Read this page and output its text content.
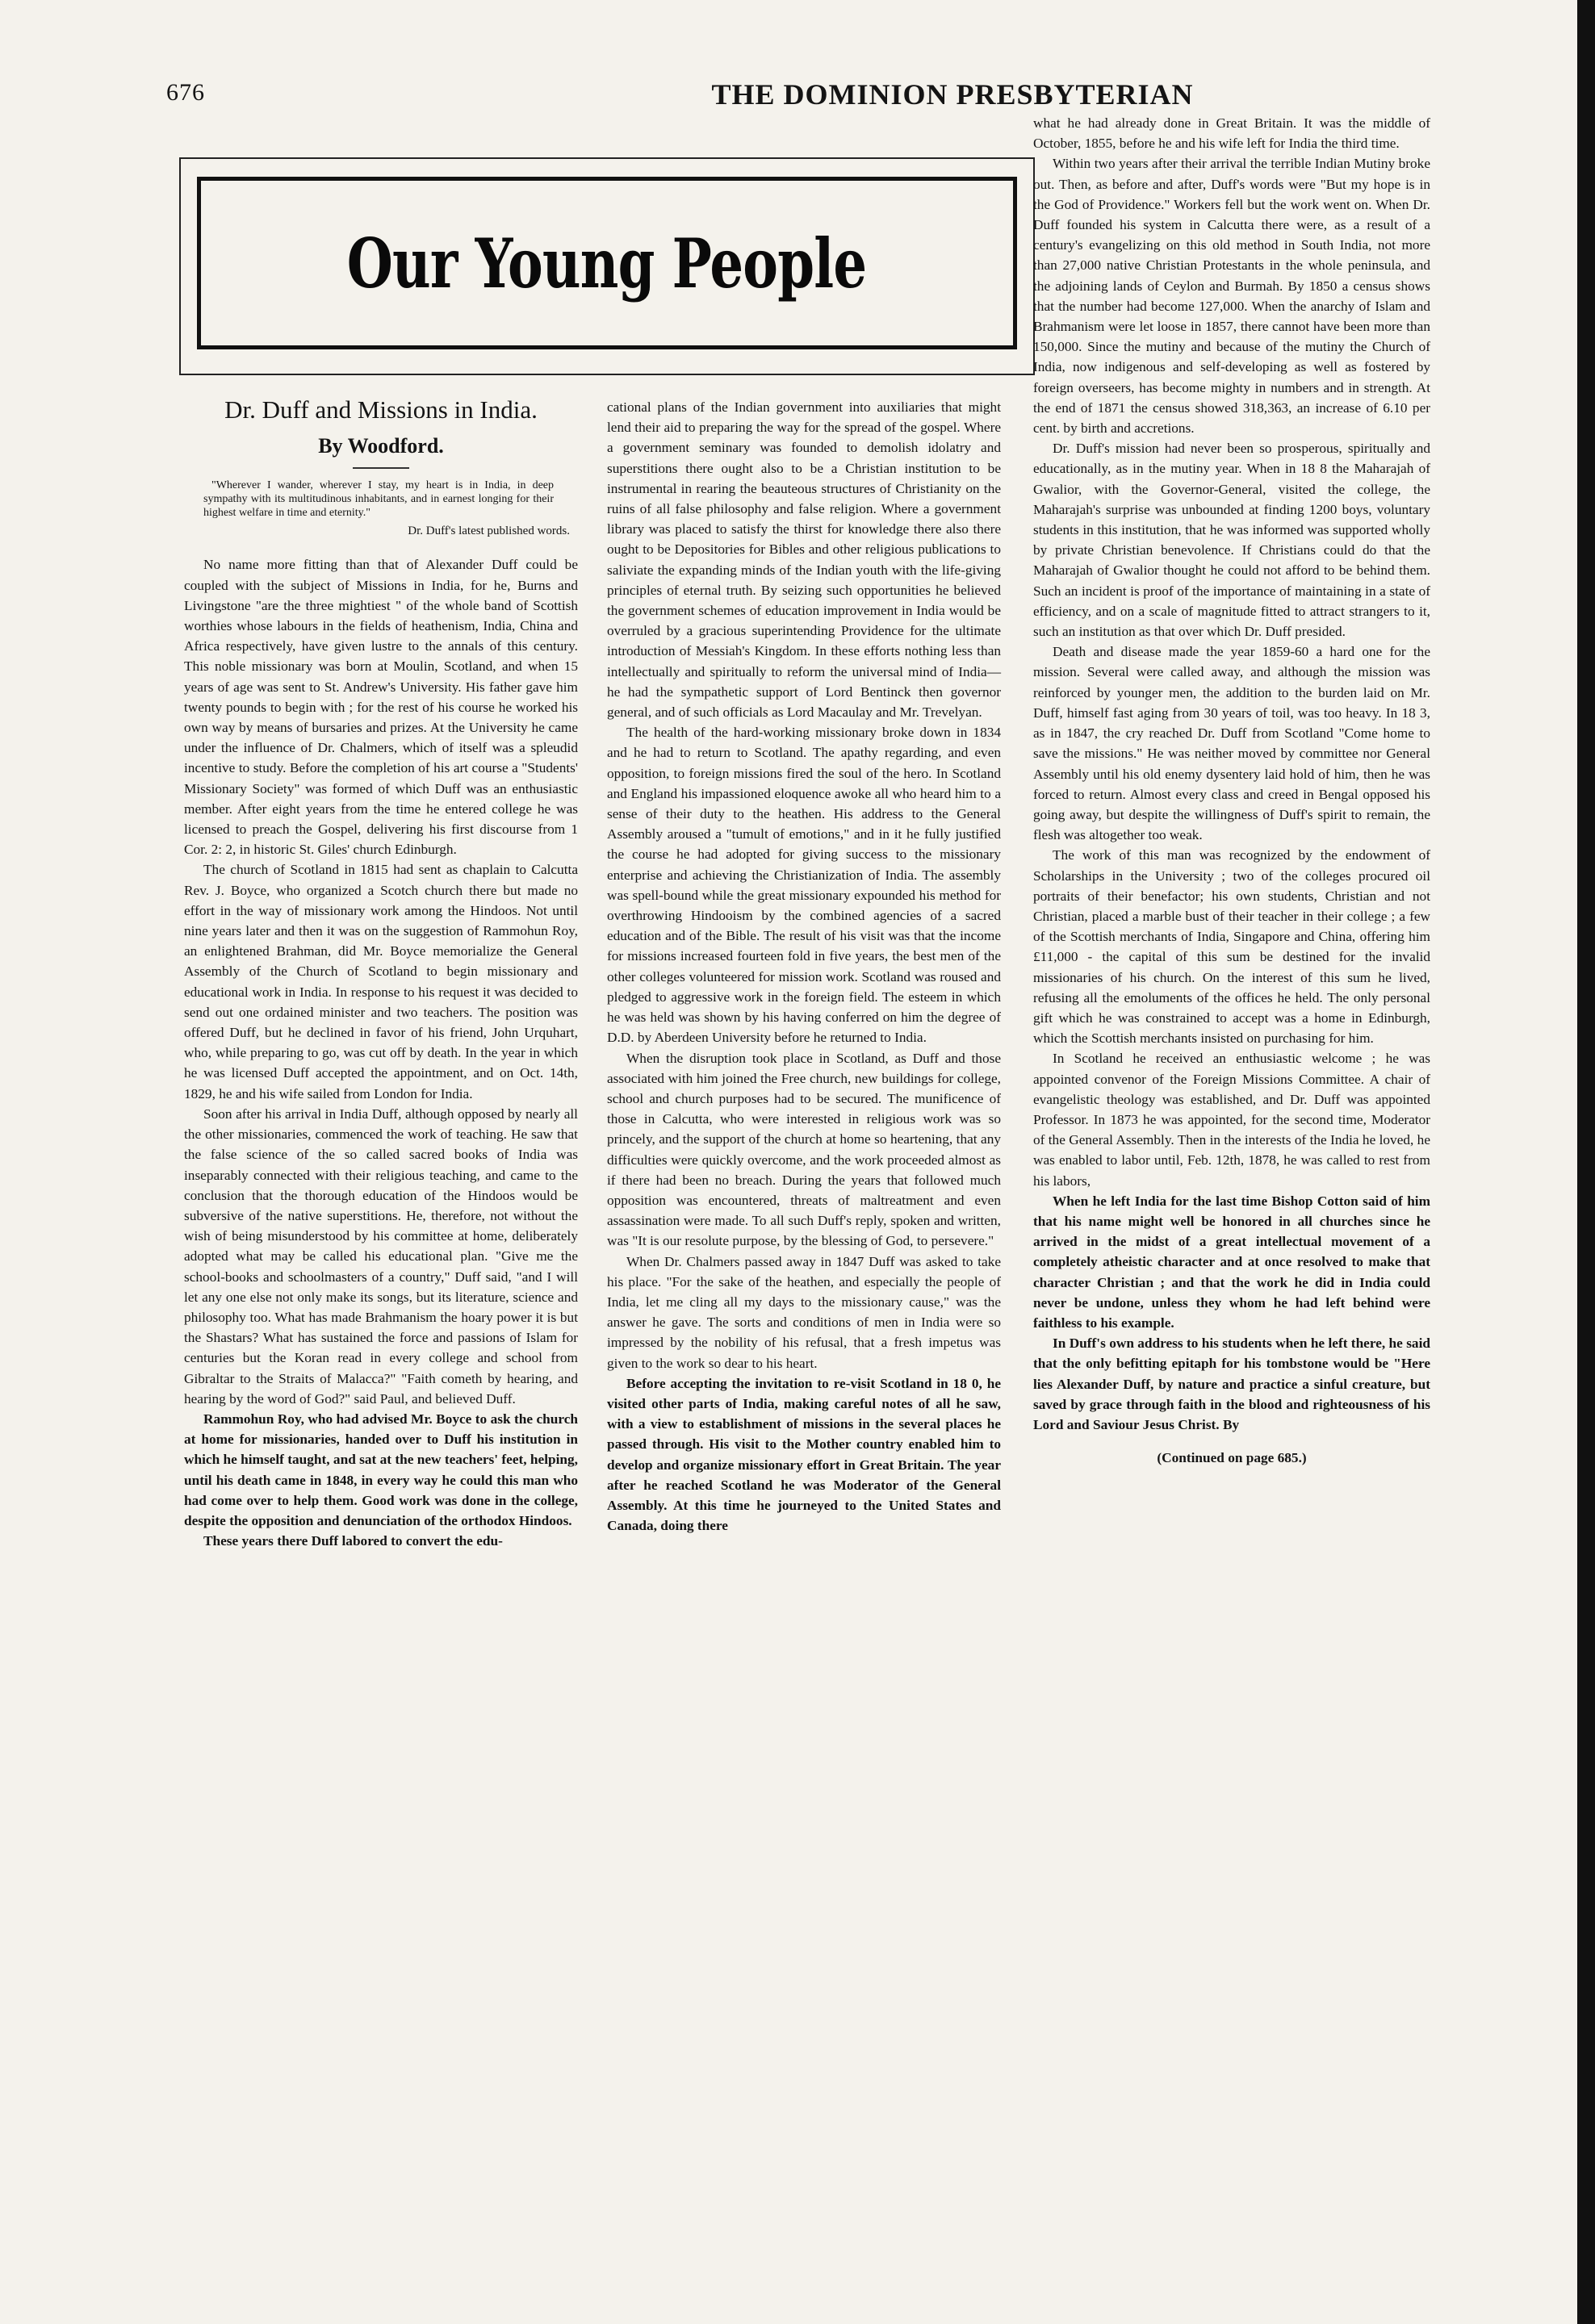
676	THE DOMINION PRESBYTERIAN
Our Young People
Dr. Duff and Missions in India.
By Woodford.

"Wherever I wander, wherever I stay, my heart is in India, in deep sympathy with its multitudinous inhabitants, and in earnest longing for their highest welfare in time and eternity."

Dr. Duff's latest published words.

No name more fitting than that of Alexander Duff could be coupled with the subject of Missions in India, for he, Burns and Livingstone "are the three mightiest " of the whole band of Scottish worthies whose labours in the fields of heathenism, India, China and Africa respectively, have given lustre to the annals of this century. This noble missionary was born at Moulin, Scotland, and when 15 years of age was sent to St. Andrew's University. His father gave him twenty pounds to begin with ; for the rest of his course he worked his own way by means of bursaries and prizes. At the University he came under the influence of Dr. Chalmers, which of itself was a spleudid incentive to study. Before the completion of his art course a "Students' Missionary Society" was formed of which Duff was an enthusiastic member. After eight years from the time he entered college he was licensed to preach the Gospel, delivering his first discourse from 1 Cor. 2: 2, in historic St. Giles' church Edinburgh.

The church of Scotland in 1815 had sent as chaplain to Calcutta Rev. J. Boyce, who organized a Scotch church there but made no effort in the way of missionary work among the Hindoos. Not until nine years later and then it was on the suggestion of Rammohun Roy, an enlightened Brahman, did Mr. Boyce memorialize the General Assembly of the Church of Scotland to begin missionary and educational work in India. In response to his request it was decided to send out one ordained minister and two teachers. The position was offered Duff, but he declined in favor of his friend, John Urquhart, who, while preparing to go, was cut off by death. In the year in which he was licensed Duff accepted the appointment, and on Oct. 14th, 1829, he and his wife sailed from London for India.

Soon after his arrival in India Duff, although opposed by nearly all the other missionaries, commenced the work of teaching. He saw that the false science of the so called sacred books of India was inseparably connected with their religious teaching, and came to the conclusion that the thorough education of the Hindoos would be subversive of the native superstitions. He, therefore, not without the wish of being misunderstood by his committee at home, deliberately adopted what may be called his educational plan. "Give me the school-books and schoolmasters of a country," Duff said, "and I will let any one else not only make its songs, but its literature, science and philosophy too. What has made Brahmanism the hoary power it is but the Shastars? What has sustained the force and passions of Islam for centuries but the Koran read in every college and school from Gibraltar to the Straits of Malacca?" "Faith cometh by hearing, and hearing by the word of God?" said Paul, and believed Duff.

Rammohun Roy, who had advised Mr. Boyce to ask the church at home for missionaries, handed over to Duff his institution in which he himself taught, and sat at the new teachers' feet, helping, until his death came in 1848, in every way he could this man who had come over to help them. Good work was done in the college, despite the opposition and denunciation of the orthodox Hindoos.

These years there Duff labored to convert the edu-

cational plans of the Indian government into auxiliaries that might lend their aid to preparing the way for the spread of the gospel. Where a government seminary was founded to demolish idolatry and superstitions there ought also to be a Christian institution to be instrumental in rearing the beauteous structures of Christianity on the ruins of all false philosophy and false religion. Where a government library was placed to satisfy the thirst for knowledge there also there ought to be Depositories for Bibles and other religious publications to saliviate the expanding minds of the Indian youth with the life-giving principles of eternal truth. By seizing such opportunities he believed the government schemes of education improvement in India would be overruled by a gracious superintending Providence for the ultimate introduction of Messiah's Kingdom. In these efforts nothing less than intellectually and spiritually to reform the universal mind of India—he had the sympathetic support of Lord Bentinck then governor general, and of such officials as Lord Macaulay and Mr. Trevelyan.

The health of the hard-working missionary broke down in 1834 and he had to return to Scotland. The apathy regarding, and even opposition, to foreign missions fired the soul of the hero. In Scotland and England his impassioned eloquence awoke all who heard him to a sense of their duty to the heathen. His address to the General Assembly aroused a "tumult of emotions," and in it he fully justified the course he had adopted for giving success to the missionary enterprise and achieving the Christianization of India. The assembly was spell-bound while the great missionary expounded his method for overthrowing Hindooism by the combined agencies of a sacred education and of the Bible. The result of his visit was that the income for missions increased fourteen fold in five years, the best men of the other colleges volunteered for mission work. Scotland was roused and pledged to aggressive work in the foreign field. The esteem in which he was held was shown by his having conferred on him the degree of D.D. by Aberdeen University before he returned to India.

When the disruption took place in Scotland, as Duff and those associated with him joined the Free church, new buildings for college, school and church purposes had to be secured. The munificence of those in Calcutta, who were interested in religious work was so princely, and the support of the church at home so heartening, that any difficulties were quickly overcome, and the work proceeded almost as if there had been no breach. During the years that followed much opposition was encountered, threats of maltreatment and even assassination were made. To all such Duff's reply, spoken and written, was "It is our resolute purpose, by the blessing of God, to persevere."

When Dr. Chalmers passed away in 1847 Duff was asked to take his place. "For the sake of the heathen, and especially the people of India, let me cling all my days to the missionary cause," was the answer he gave. The sorts and conditions of men in India were so impressed by the nobility of his refusal, that a fresh impetus was given to the work so dear to his heart.

Before accepting the invitation to re-visit Scotland in 18 0, he visited other parts of India, making careful notes of all he saw, with a view to establishment of missions in the several places he passed through. His visit to the Mother country enabled him to develop and organize missionary effort in Great Britain. The year after he reached Scotland he was Moderator of the General Assembly. At this time he journeyed to the United States and Canada, doing there

what he had already done in Great Britain. It was the middle of October, 1855, before he and his wife left for India the third time.

Within two years after their arrival the terrible Indian Mutiny broke out. Then, as before and after, Duff's words were "But my hope is in the God of Providence." Workers fell but the work went on. When Dr. Duff founded his system in Calcutta there were, as a result of a century's evangelizing on this old method in South India, not more than 27,000 native Christian Protestants in the whole peninsula, and the adjoining lands of Ceylon and Burmah. By 1850 a census shows that the number had become 127,000. When the anarchy of Islam and Brahmanism were let loose in 1857, there cannot have been more than 150,000. Since the mutiny and because of the mutiny the Church of India, now indigenous and self-developing as well as fostered by foreign overseers, has become mighty in numbers and in strength. At the end of 1871 the census showed 318,363, an increase of 6.10 per cent. by birth and accretions.

Dr. Duff's mission had never been so prosperous, spiritually and educationally, as in the mutiny year. When in 18 8 the Maharajah of Gwalior, with the Governor-General, visited the college, the Maharajah's surprise was unbounded at finding 1200 boys, voluntary students in this institution, that he was informed was supported wholly by private Christian benevolence. If Christians could do that the Maharajah of Gwalior thought he could not afford to be behind them. Such an incident is proof of the importance of maintaining in a state of efficiency, and on a scale of magnitude fitted to attract strangers to it, such an institution as that over which Dr. Duff presided.

Death and disease made the year 1859-60 a hard one for the mission. Several were called away, and although the mission was reinforced by younger men, the addition to the burden laid on Mr. Duff, himself fast aging from 30 years of toil, was too heavy. In 18 3, as in 1847, the cry reached Dr. Duff from Scotland "Come home to save the missions." He was neither moved by committee nor General Assembly until his old enemy dysentery laid hold of him, then he was forced to return. Almost every class and creed in Bengal opposed his going away, but despite the willingness of Duff's spirit to remain, the flesh was altogether too weak.

The work of this man was recognized by the endowment of Scholarships in the University ; two of the colleges procured oil portraits of their benefactor; his own students, Christian and not Christian, placed a marble bust of their teacher in their college ; a few of the Scottish merchants of India, Singapore and China, offering him £11,000 - the capital of this sum be destined for the invalid missionaries of his church. On the interest of this sum he lived, refusing all the emoluments of the offices he held. The only personal gift which he was constrained to accept was a home in Edinburgh, which the Scottish merchants insisted on purchasing for him.

In Scotland he received an enthusiastic welcome ; he was appointed convenor of the Foreign Missions Committee. A chair of evangelistic theology was established, and Dr. Duff was appointed Professor. In 1873 he was appointed, for the second time, Moderator of the General Assembly. Then in the interests of the India he loved, he was enabled to labor until, Feb. 12th, 1878, he was called to rest from his labors,

When he left India for the last time Bishop Cotton said of him that his name might well be honored in all churches since he arrived in the midst of a great intellectual movement of a completely atheistic character and at once resolved to make that character Christian ; and that the work he did in India could never be undone, unless they whom he had left behind were faithless to his example.

In Duff's own address to his students when he left there, he said that the only befitting epitaph for his tombstone would be "Here lies Alexander Duff, by nature and practice a sinful creature, but saved by grace through faith in the blood and righteousness of his Lord and Saviour Jesus Christ. By

(Continued on page 685.)
